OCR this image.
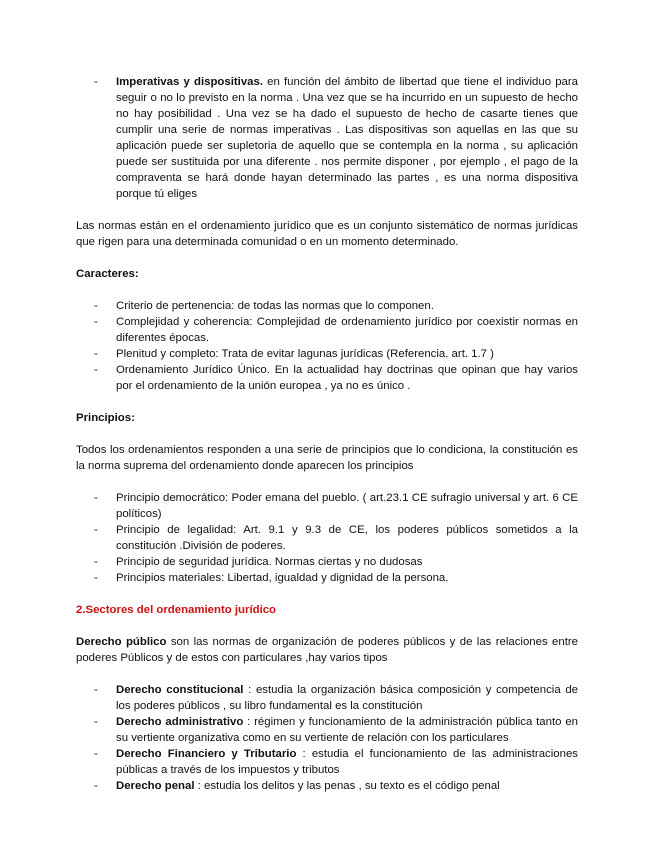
- Imperativas y dispositivas. en función del ámbito de libertad que tiene el individuo para seguir o no lo previsto en la norma . Una vez que se ha incurrido en un supuesto de hecho no hay posibilidad . Una vez se ha dado el supuesto de hecho de casarte tienes que cumplir una serie de normas imperativas . Las dispositivas son aquellas en las que su aplicación puede ser supletoria de aquello que se contempla en la norma , su aplicación puede ser sustituida por una diferente . nos permite disponer , por ejemplo , el pago de la compraventa se hará donde hayan determinado las partes , es una norma dispositiva porque tú eliges

Las normas están en el ordenamiento jurídico que es un conjunto sistemático de normas jurídicas que rigen para una determinada comunidad o en un momento determinado.

Caracteres:

- Criterio de pertenencia: de todas las normas que lo componen.
- Complejidad y coherencia: Complejidad de ordenamiento jurídico por coexistir normas en diferentes épocas.
- Plenitud y completo: Trata de evitar lagunas jurídicas (Referencia. art. 1.7 )
- Ordenamiento Jurídico Único. En la actualidad hay doctrinas que opinan que hay varios por el ordenamiento de la unión europea , ya no es único .

Principios:

Todos los ordenamientos responden a una serie de principios que lo condiciona, la constitución es la norma suprema del ordenamiento donde aparecen los principios

- Principio democrático: Poder emana del pueblo. ( art.23.1 CE sufragio universal y art. 6 CE políticos)
- Principio de legalidad: Art. 9.1 y 9.3 de CE, los poderes públicos sometidos a la constitución .División de poderes.
- Principio de seguridad jurídica. Normas ciertas y no dudosas
- Principios materiales: Libertad, igualdad y dignidad de la persona.

2.Sectores del ordenamiento jurídico

Derecho público son las normas de organización de poderes públicos y de las relaciones entre poderes Públicos y de estos con particulares ,hay varios tipos

- Derecho constitucional : estudia la organización básica composición y competencia de los poderes públicos , su libro fundamental es la constitución
- Derecho administrativo : régimen y funcionamiento de la administración pública tanto en su vertiente organizativa como en su vertiente de relación con los particulares
- Derecho Financiero y Tributario : estudia el funcionamiento de las administraciones públicas a través de los impuestos y tributos
- Derecho penal : estudia los delitos y las penas , su texto es el código penal
